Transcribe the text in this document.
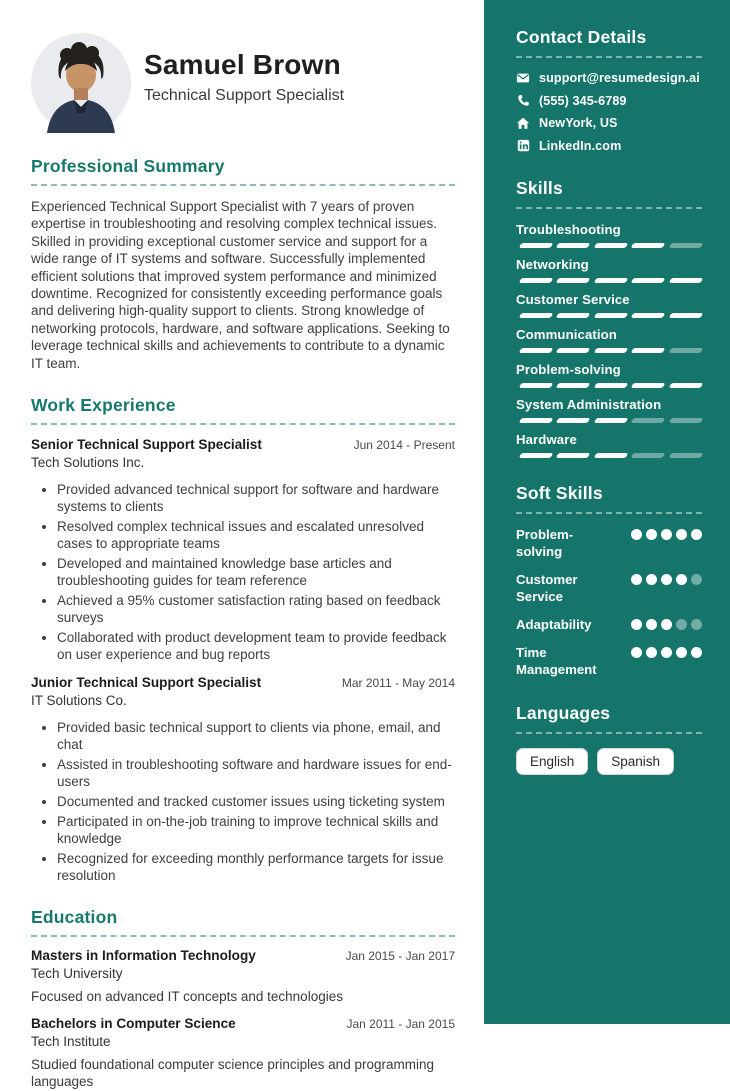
Samuel Brown
Technical Support Specialist
Professional Summary
Experienced Technical Support Specialist with 7 years of proven expertise in troubleshooting and resolving complex technical issues. Skilled in providing exceptional customer service and support for a wide range of IT systems and software. Successfully implemented efficient solutions that improved system performance and minimized downtime. Recognized for consistently exceeding performance goals and delivering high-quality support to clients. Strong knowledge of networking protocols, hardware, and software applications. Seeking to leverage technical skills and achievements to contribute to a dynamic IT team.
Work Experience
Senior Technical Support Specialist	Jun 2014 - Present
Tech Solutions Inc.
• Provided advanced technical support for software and hardware systems to clients
• Resolved complex technical issues and escalated unresolved cases to appropriate teams
• Developed and maintained knowledge base articles and troubleshooting guides for team reference
• Achieved a 95% customer satisfaction rating based on feedback surveys
• Collaborated with product development team to provide feedback on user experience and bug reports
Junior Technical Support Specialist	Mar 2011 - May 2014
IT Solutions Co.
• Provided basic technical support to clients via phone, email, and chat
• Assisted in troubleshooting software and hardware issues for end-users
• Documented and tracked customer issues using ticketing system
• Participated in on-the-job training to improve technical skills and knowledge
• Recognized for exceeding monthly performance targets for issue resolution
Education
Masters in Information Technology	Jan 2015 - Jan 2017
Tech University
Focused on advanced IT concepts and technologies
Bachelors in Computer Science	Jan 2011 - Jan 2015
Tech Institute
Studied foundational computer science principles and programming languages
Contact Details
support@resumedesign.ai
(555) 345-6789
NewYork, US
LinkedIn.com
Skills
Troubleshooting
Networking
Customer Service
Communication
Problem-solving
System Administration
Hardware
Soft Skills
Problem-solving
Customer Service
Adaptability
Time Management
Languages
English	Spanish
